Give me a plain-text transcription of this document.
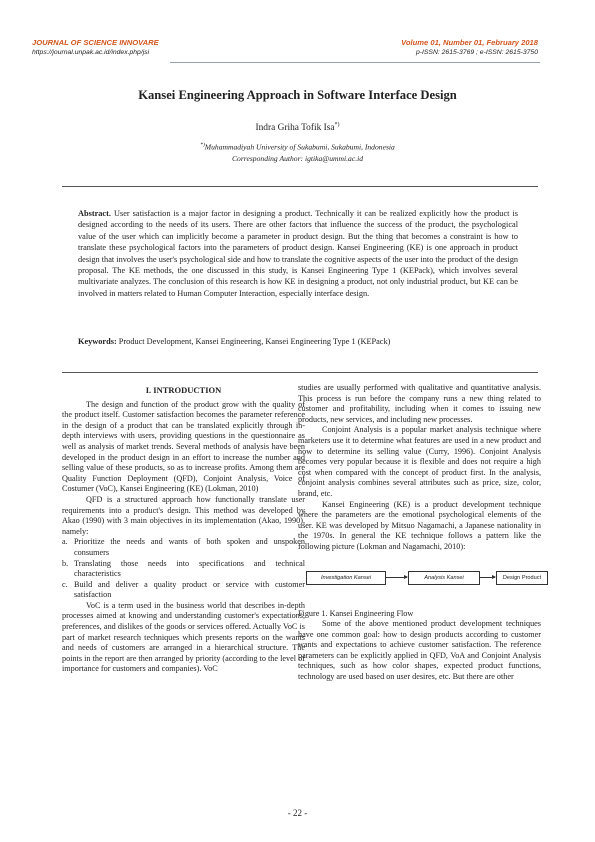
JOURNAL OF SCIENCE INNOVARE
https://journal.unpak.ac.id/index.php/jsi
Volume 01, Number 01, February 2018
p-ISSN: 2615-3769 ; e-ISSN: 2615-3750
Kansei Engineering Approach in Software Interface Design
Indra Griha Tofik Isa*)
*)Muhammadiyah University of Sukabumi, Sukabumi, Indonesia
Corresponding Author: igtika@ummi.ac.id
Abstract. User satisfaction is a major factor in designing a product. Technically it can be realized explicitly how the product is designed according to the needs of its users. There are other factors that influence the success of the product, the psychological value of the user which can implicitly become a parameter in product design. But the thing that becomes a constraint is how to translate these psychological factors into the parameters of product design. Kansei Engineering (KE) is one approach in product design that involves the user's psychological side and how to translate the cognitive aspects of the user into the product of the design proposal. The KE methods, the one discussed in this study, is Kansei Engineering Type 1 (KEPack), which involves several multivariate analyzes. The conclusion of this research is how KE in designing a product, not only industrial product, but KE can be involved in matters related to Human Computer Interaction, especially interface design.
Keywords: Product Development, Kansei Engineering, Kansei Engineering Type 1 (KEPack)

I. INTRODUCTION

The design and function of the product grow with the quality of the product itself. Customer satisfaction becomes the parameter reference in the design of a product that can be translated explicitly through in-depth interviews with users, providing questions in the questionnaire as well as analysis of market trends. Several methods of analysis have been developed in the product design in an effort to increase the number and selling value of these products, so as to increase profits. Among them are Quality Function Deployment (QFD), Conjoint Analysis, Voice of Costumer (VoC), Kansei Engineering (KE) (Lokman, 2010)

QFD is a structured approach how functionally translate user requirements into a product's design. This method was developed by Akao (1990) with 3 main objectives in its implementation (Akao, 1990), namely:

a. Prioritize the needs and wants of both spoken and unspoken consumers
b. Translating those needs into specifications and technical characteristics
c. Build and deliver a quality product or service with customer satisfaction

VoC is a term used in the business world that describes in-depth processes aimed at knowing and understanding customer's expectations, preferences, and dislikes of the goods or services offered. Actually VoC is part of market research techniques which presents reports on the wants and needs of customers are arranged in a hierarchical structure. The points in the report are then arranged by priority (according to the level of importance for customers and companies). VoC

studies are usually performed with qualitative and quantitative analysis. This process is run before the company runs a new thing related to customer and profitability, including when it comes to issuing new products, new services, and including new processes.

Conjoint Analysis is a popular market analysis technique where marketers use it to determine what features are used in a new product and how to determine its selling value (Curry, 1996). Conjoint Analysis becomes very popular because it is flexible and does not require a high cost when compared with the concept of product first. In the analysis, conjoint analysis combines several attributes such as price, size, color, brand, etc.

Kansei Engineering (KE) is a product development technique where the parameters are the emotional psychological elements of the user. KE was developed by Mitsuo Nagamachi, a Japanese nationality in the 1970s. In general the KE technique follows a pattern like the following picture (Lokman and Nagamachi, 2010):

Investigation Kansei	Analysis Kansei	Design Product

Figure 1. Kansei Engineering Flow

Some of the above mentioned product development techniques have one common goal: how to design products according to customer wants and expectations to achieve customer satisfaction. The reference parameters can be explicitly applied in QFD, VoA and Conjoint Analysis techniques, such as how color shapes, expected product functions, technology are used based on user desires, etc. But there are other

- 22 -
